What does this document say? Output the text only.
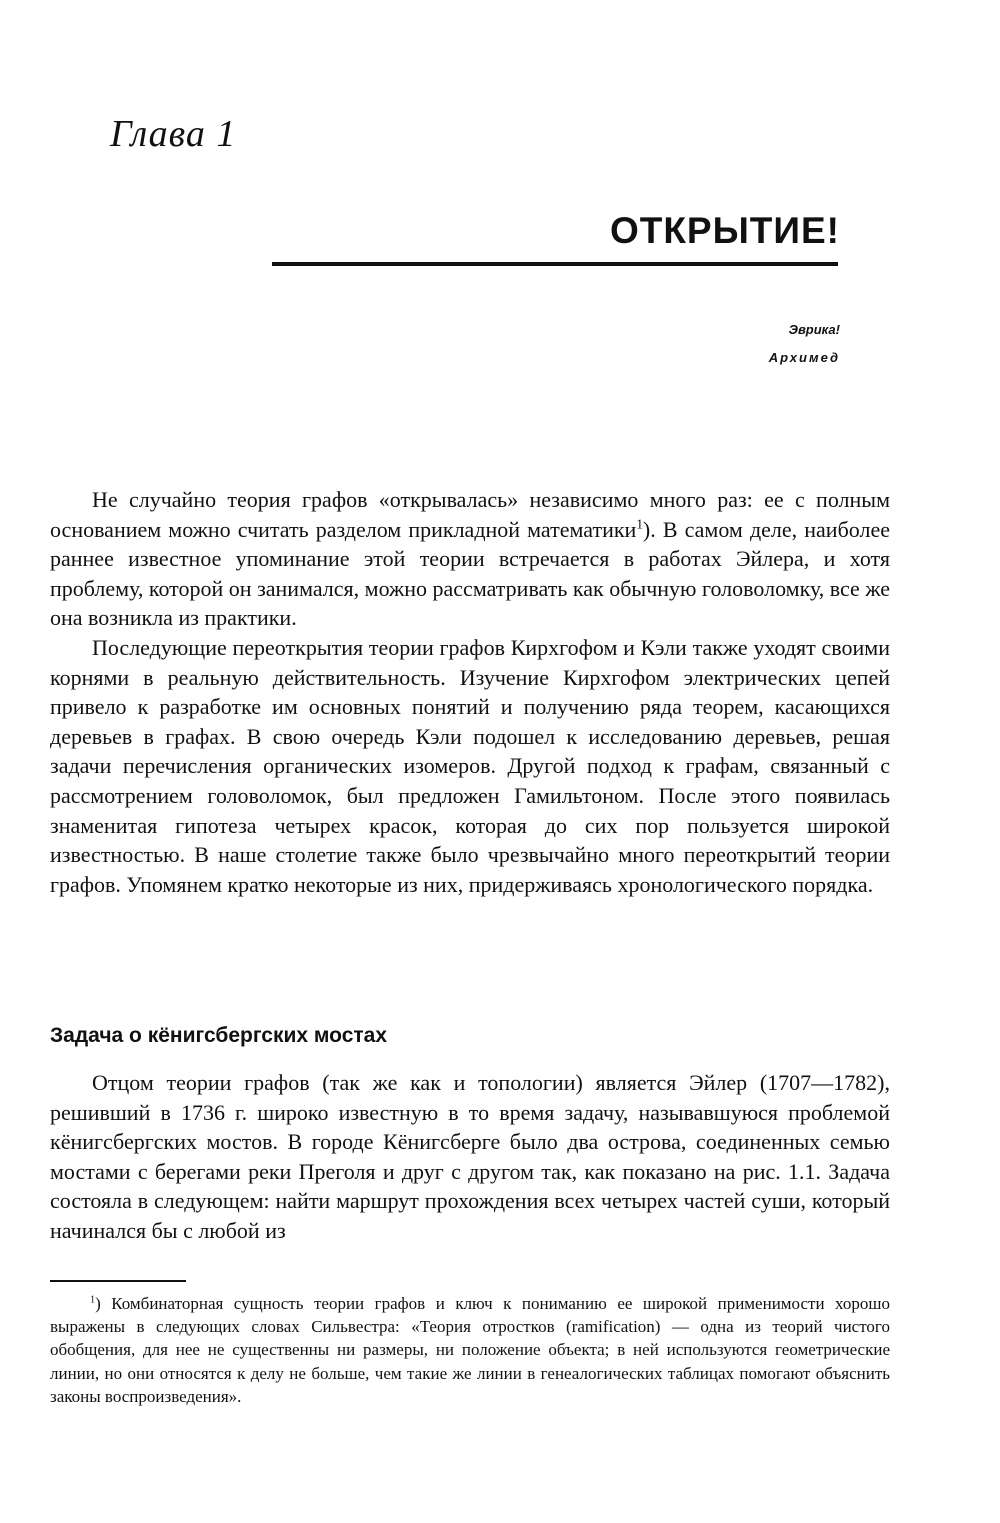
Глава 1
ОТКРЫТИЕ!
Эврика!
Архимед

Не случайно теория графов «открывалась» независимо много раз: ее с полным основанием можно считать разделом прикладной математики$^1$). В самом деле, наиболее раннее известное упоминание этой теории встречается в работах Эйлера, и хотя проблему, которой он занимался, можно рассматривать как обычную головоломку, все же она возникла из практики.

Последующие переоткрытия теории графов Кирхгофом и Кэли также уходят своими корнями в реальную действительность. Изучение Кирхгофом электрических цепей привело к разработке им основных понятий и получению ряда теорем, касающихся деревьев в графах. В свою очередь Кэли подошел к исследованию деревьев, решая задачи перечисления органических изомеров. Другой подход к графам, связанный с рассмотрением головоломок, был предложен Гамильтоном. После этого появилась знаменитая гипотеза четырех красок, которая до сих пор пользуется широкой известностью. В наше столетие также было чрезвычайно много переоткрытий теории графов. Упомянем кратко некоторые из них, придерживаясь хронологического порядка.

Задача о кёнигсбергских мостах

Отцом теории графов (так же как и топологии) является Эйлер (1707—1782), решивший в 1736 г. широко известную в то время задачу, называвшуюся проблемой кёнигсбергских мостов. В городе Кёнигсберге было два острова, соединенных семью мостами с берегами реки Преголя и друг с другом так, как показано на рис. 1.1. Задача состояла в следующем: найти маршрут прохождения всех четырех частей суши, который начинался бы с любой из

$^1$) Комбинаторная сущность теории графов и ключ к пониманию ее широкой применимости хорошо выражены в следующих словах Сильвестра: «Теория отростков (ramification) — одна из теорий чистого обобщения, для нее не существенны ни размеры, ни положение объекта; в ней используются геометрические линии, но они относятся к делу не больше, чем такие же линии в генеалогических таблицах помогают объяснить законы воспроизведения».
